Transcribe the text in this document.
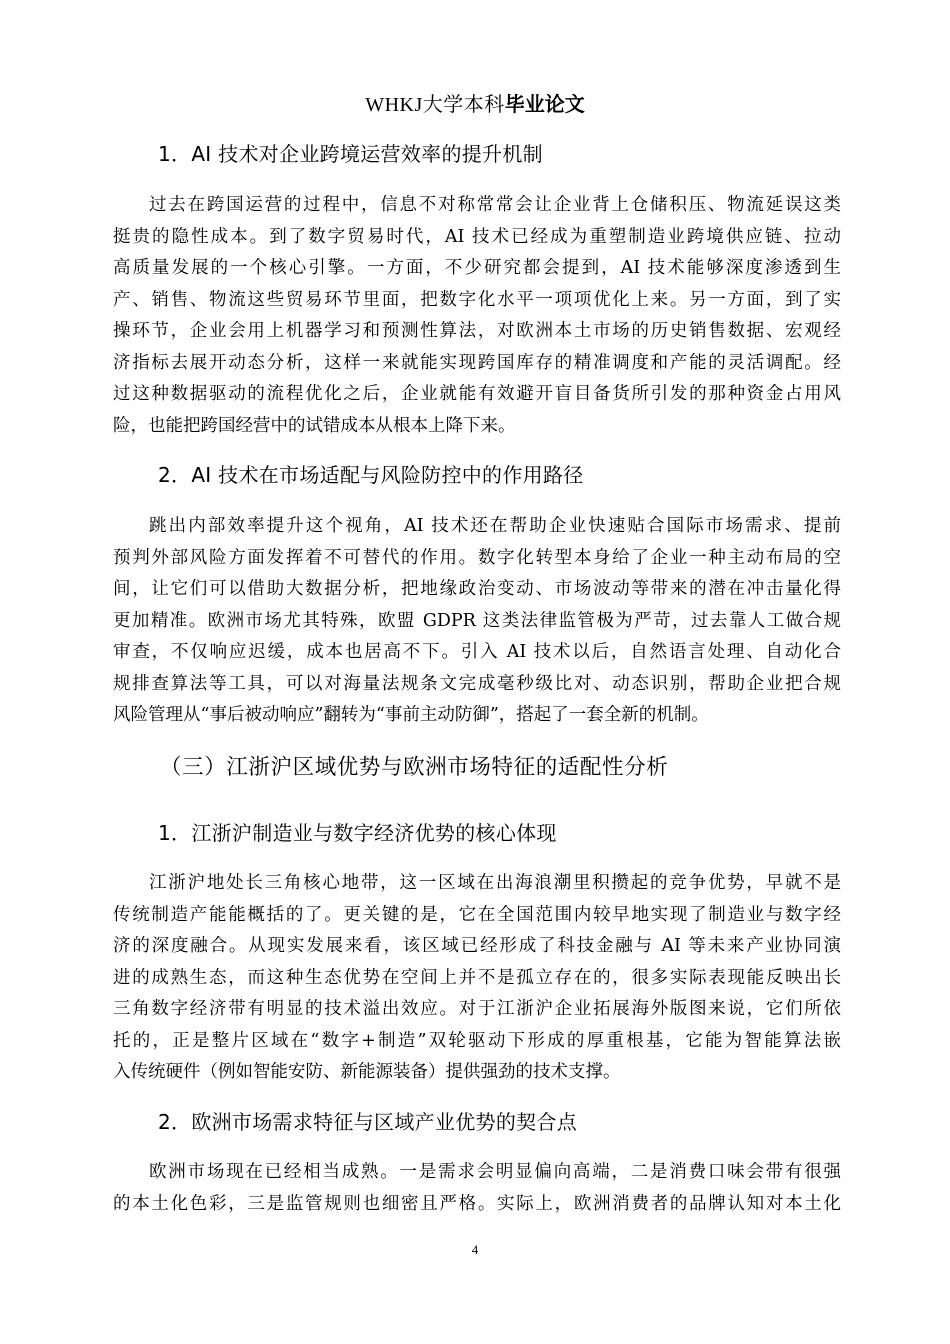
WHKJ大学本科毕业论文
1．AI 技术对企业跨境运营效率的提升机制
过去在跨国运营的过程中，信息不对称常常会让企业背上仓储积压、物流延误这类
挺贵的隐性成本。到了数字贸易时代，AI 技术已经成为重塑制造业跨境供应链、拉动
高质量发展的一个核心引擎。一方面，不少研究都会提到，AI 技术能够深度渗透到生
产、销售、物流这些贸易环节里面，把数字化水平一项项优化上来。另一方面，到了实
操环节，企业会用上机器学习和预测性算法，对欧洲本土市场的历史销售数据、宏观经
济指标去展开动态分析，这样一来就能实现跨国库存的精准调度和产能的灵活调配。经
过这种数据驱动的流程优化之后，企业就能有效避开盲目备货所引发的那种资金占用风
险，也能把跨国经营中的试错成本从根本上降下来。
2．AI 技术在市场适配与风险防控中的作用路径
跳出内部效率提升这个视角，AI 技术还在帮助企业快速贴合国际市场需求、提前
预判外部风险方面发挥着不可替代的作用。数字化转型本身给了企业一种主动布局的空
间，让它们可以借助大数据分析，把地缘政治变动、市场波动等带来的潜在冲击量化得
更加精准。欧洲市场尤其特殊，欧盟 GDPR 这类法律监管极为严苛，过去靠人工做合规
审查，不仅响应迟缓，成本也居高不下。引入 AI 技术以后，自然语言处理、自动化合
规排查算法等工具，可以对海量法规条文完成毫秒级比对、动态识别，帮助企业把合规
风险管理从“事后被动响应”翻转为“事前主动防御”，搭起了一套全新的机制。
（三）江浙沪区域优势与欧洲市场特征的适配性分析
1．江浙沪制造业与数字经济优势的核心体现
江浙沪地处长三角核心地带，这一区域在出海浪潮里积攒起的竞争优势，早就不是
传统制造产能能概括的了。更关键的是，它在全国范围内较早地实现了制造业与数字经
济的深度融合。从现实发展来看，该区域已经形成了科技金融与 AI 等未来产业协同演
进的成熟生态，而这种生态优势在空间上并不是孤立存在的，很多实际表现能反映出长
三角数字经济带有明显的技术溢出效应。对于江浙沪企业拓展海外版图来说，它们所依
托的，正是整片区域在“数字+制造”双轮驱动下形成的厚重根基，它能为智能算法嵌
入传统硬件（例如智能安防、新能源装备）提供强劲的技术支撑。
2．欧洲市场需求特征与区域产业优势的契合点
欧洲市场现在已经相当成熟。一是需求会明显偏向高端，二是消费口味会带有很强
的本土化色彩，三是监管规则也细密且严格。实际上，欧洲消费者的品牌认知对本土化
4
